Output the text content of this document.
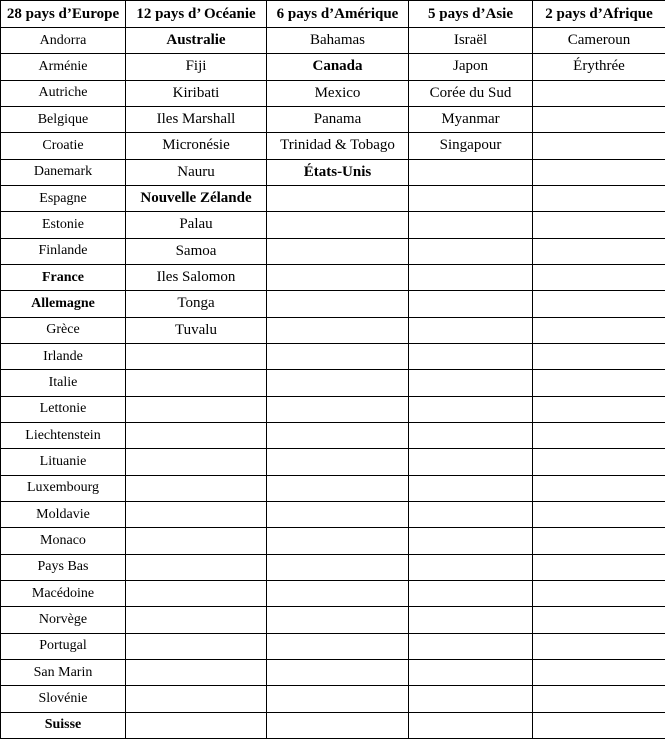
28 pays d’Europe	12 pays d’ Océanie	6 pays d’Amérique	5 pays d’Asie	2 pays d’Afrique
Andorra	Australie	Bahamas	Israël	Cameroun
Arménie	Fiji	Canada	Japon	Érythrée
Autriche	Kiribati	Mexico	Corée du Sud	
Belgique	Iles Marshall	Panama	Myanmar	
Croatie	Micronésie	Trinidad & Tobago	Singapour	
Danemark	Nauru	États-Unis		
Espagne	Nouvelle Zélande			
Estonie	Palau			
Finlande	Samoa			
France	Iles Salomon			
Allemagne	Tonga			
Grèce	Tuvalu			
Irlande				
Italie				
Lettonie				
Liechtenstein				
Lituanie				
Luxembourg				
Moldavie				
Monaco				
Pays Bas				
Macédoine				
Norvège				
Portugal				
San Marin				
Slovénie				
Suisse				
